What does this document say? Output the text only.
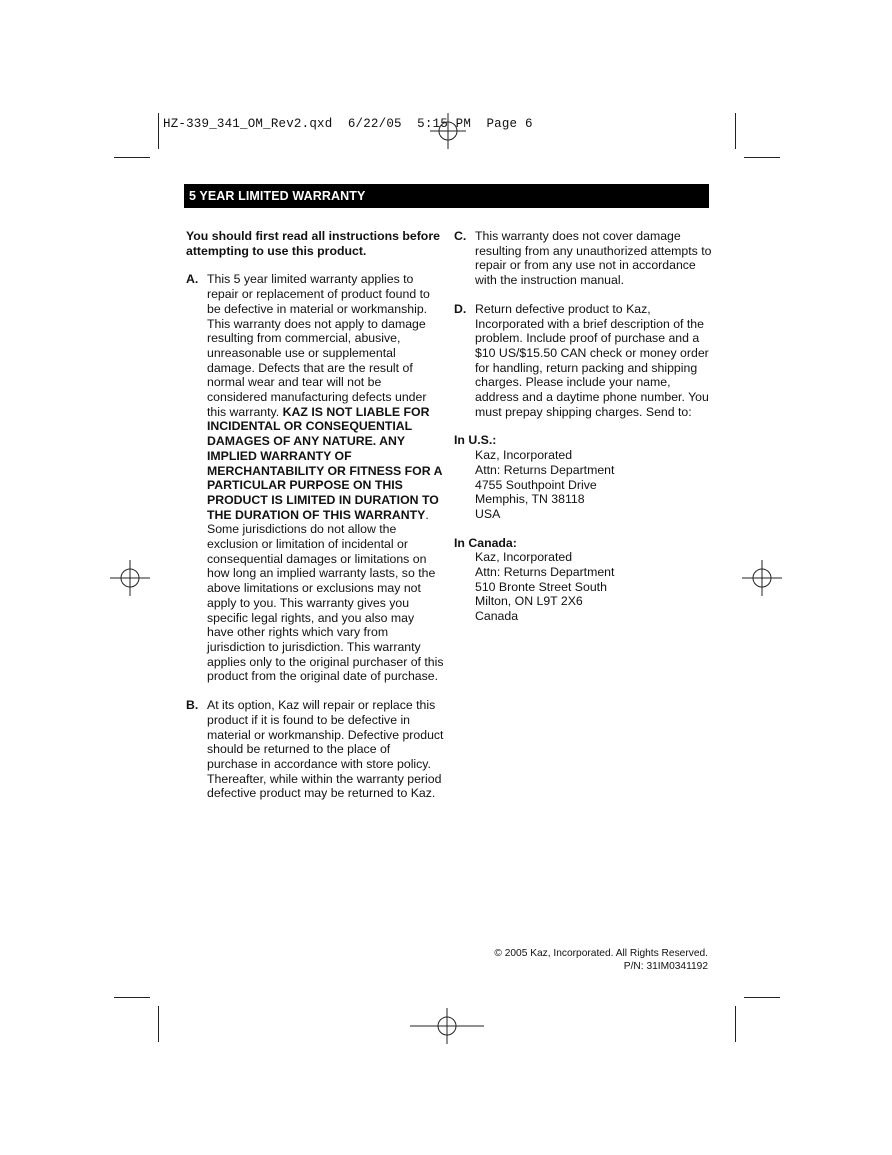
HZ-339_341_OM_Rev2.qxd  6/22/05  5:15 PM  Page 6
5 YEAR LIMITED WARRANTY
You should first read all instructions before attempting to use this product.
A. This 5 year limited warranty applies to repair or replacement of product found to be defective in material or workmanship. This warranty does not apply to damage resulting from commercial, abusive, unreasonable use or supplemental damage. Defects that are the result of normal wear and tear will not be considered manufacturing defects under this warranty. KAZ IS NOT LIABLE FOR INCIDENTAL OR CONSEQUENTIAL DAMAGES OF ANY NATURE. ANY IMPLIED WARRANTY OF MERCHANTABILITY OR FITNESS FOR A PARTICULAR PURPOSE ON THIS PRODUCT IS LIMITED IN DURATION TO THE DURATION OF THIS WARRANTY. Some jurisdictions do not allow the exclusion or limitation of incidental or consequential damages or limitations on how long an implied warranty lasts, so the above limitations or exclusions may not apply to you. This warranty gives you specific legal rights, and you also may have other rights which vary from jurisdiction to jurisdiction. This warranty applies only to the original purchaser of this product from the original date of purchase.
B. At its option, Kaz will repair or replace this product if it is found to be defective in material or workmanship. Defective product should be returned to the place of purchase in accordance with store policy. Thereafter, while within the warranty period defective product may be returned to Kaz.
C. This warranty does not cover damage resulting from any unauthorized attempts to repair or from any use not in accordance with the instruction manual.
D. Return defective product to Kaz, Incorporated with a brief description of the problem. Include proof of purchase and a $10 US/$15.50 CAN check or money order for handling, return packing and shipping charges. Please include your name, address and a daytime phone number. You must prepay shipping charges. Send to:
In U.S.:
Kaz, Incorporated
Attn: Returns Department
4755 Southpoint Drive
Memphis, TN 38118
USA
In Canada:
Kaz, Incorporated
Attn: Returns Department
510 Bronte Street South
Milton, ON L9T 2X6
Canada
© 2005 Kaz, Incorporated. All Rights Reserved.
P/N: 31IM0341192
